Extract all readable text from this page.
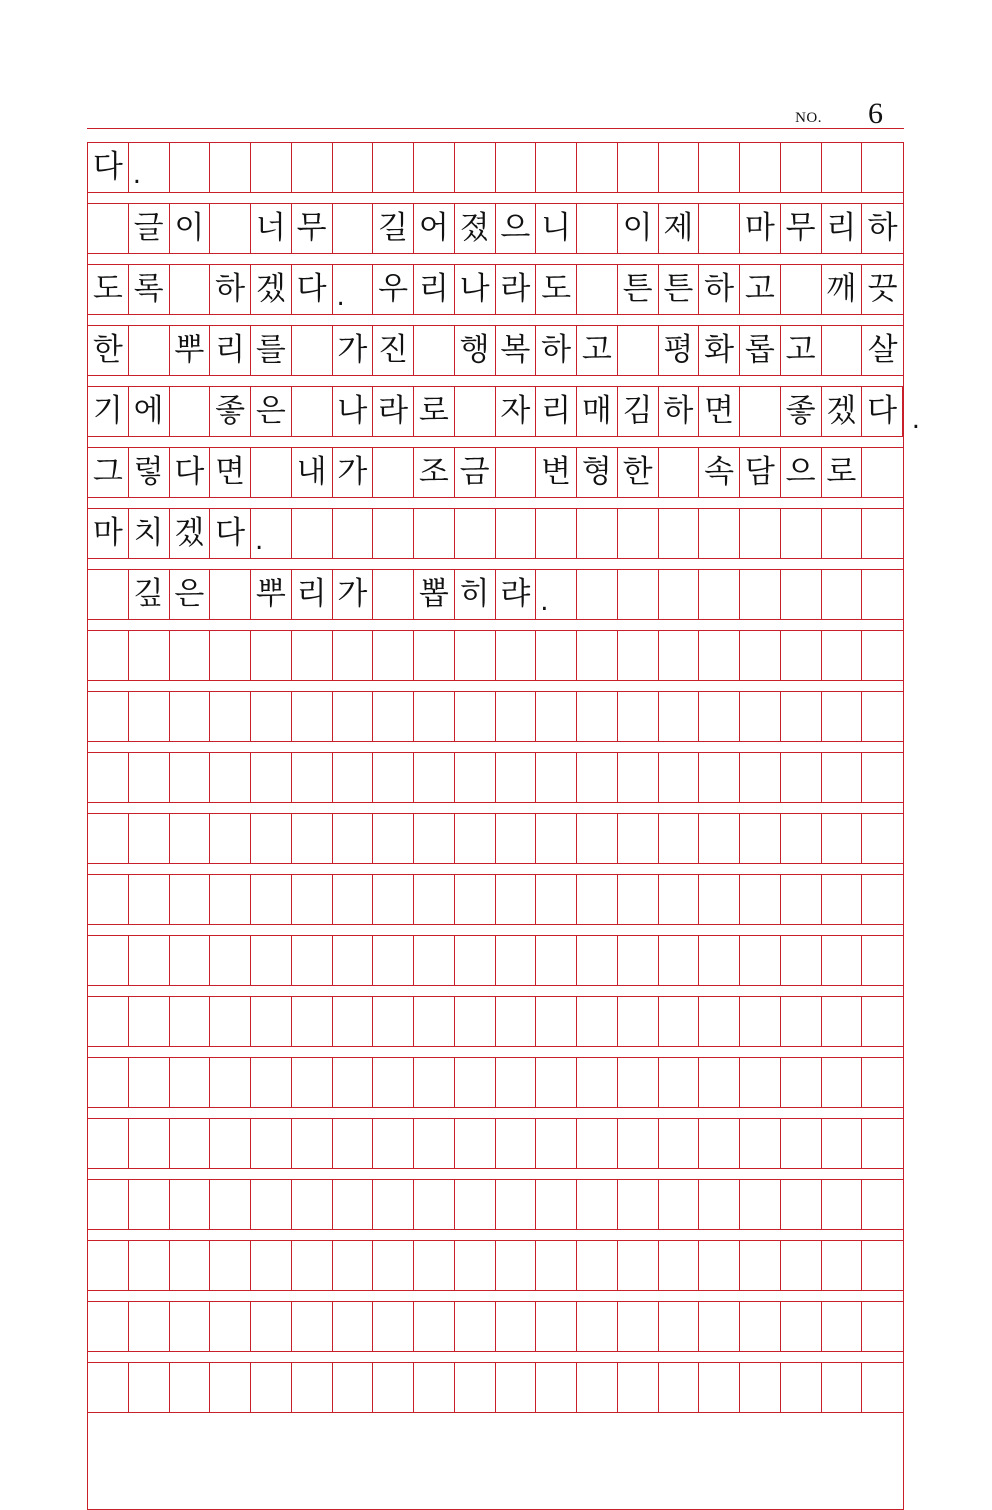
NO. 6
다 .
글 이 너 무 길 어 졌 으 니 이 제 마 무 리 하
도 록 하 겠 다 .	우 리 나 라 도 튼 튼 하 고 깨 끗
한 뿌 리 를 가 진 행 복 하 고 평 화 롭 고 살
기 에 좋 은 나 라 로 자 리 매 김 하 면 좋 겠 다 .
그 렇 다 면 내 가 조 금 변 형 한 속 담 으 로
마 치 겠 다 .
깊 은 뿌 리 가 뽑 히 랴 .
